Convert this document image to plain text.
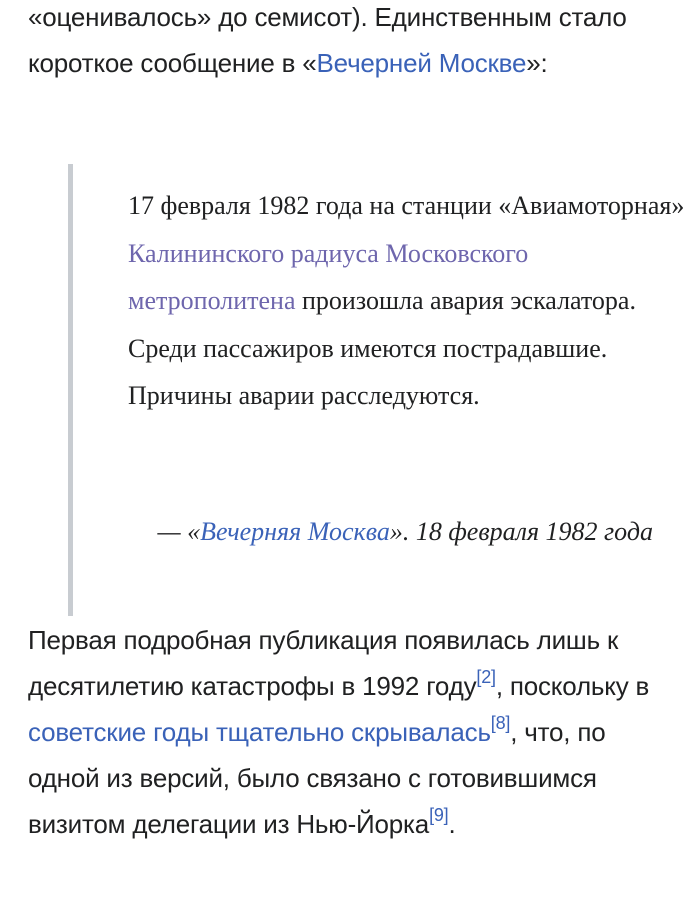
«оценивалось» до семисот). Единственным стало короткое сообщение в «Вечерней Москве»:

17 февраля 1982 года на станции «Авиамоторная» Калининского радиуса Московского метрополитена произошла авария эскалатора. Среди пассажиров имеются пострадавшие.
Причины аварии расследуются.

— «Вечерняя Москва». 18 февраля 1982 года

Первая подробная публикация появилась лишь к десятилетию катастрофы в 1992 году[2], поскольку в советские годы тщательно скрывалась[8], что, по одной из версий, было связано с готовившимся визитом делегации из Нью-Йорка[9].
